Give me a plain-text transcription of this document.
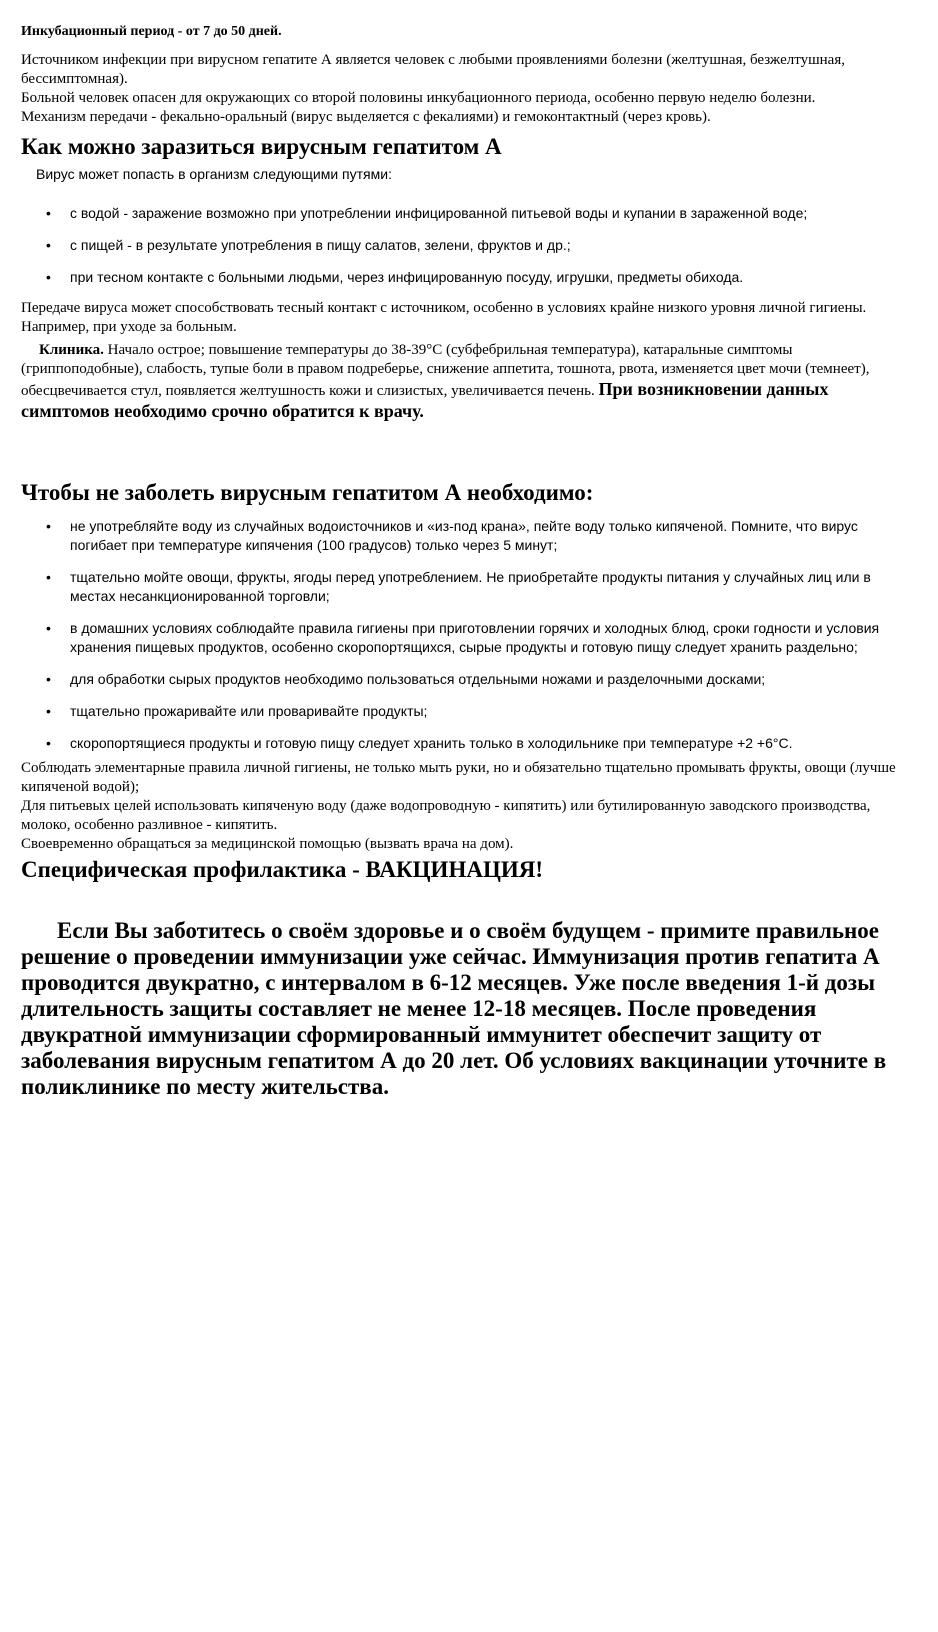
Инкубационный период - от 7 до 50 дней.

Источником инфекции при вирусном гепатите А является человек с любыми проявлениями болезни (желтушная, безжелтушная, бессимптомная).

Больной человек опасен для окружающих со второй половины инкубационного периода, особенно первую неделю болезни.

Механизм передачи - фекально-оральный (вирус выделяется с фекалиями) и гемоконтактный (через кровь).

Как можно заразиться вирусным гепатитом А

Вирус может попасть в организм следующими путями:

• с водой - заражение возможно при употреблении инфицированной питьевой воды и купании в зараженной воде;
• с пищей - в результате употребления в пищу салатов, зелени, фруктов и др.;
• при тесном контакте с больными людьми, через инфицированную посуду, игрушки, предметы обихода.

Передаче вируса может способствовать тесный контакт с источником, особенно в условиях крайне низкого уровня личной гигиены. Например, при уходе за больным.

Клиника. Начало острое; повышение температуры до 38-39°С (субфебрильная температура), катаральные симптомы (гриппоподобные), слабость, тупые боли в правом подреберье, снижение аппетита, тошнота, рвота, изменяется цвет мочи (темнеет), обесцвечивается стул, появляется желтушность кожи и слизистых, увеличивается печень. При возникновении данных симптомов необходимо срочно обратится к врачу.

Чтобы не заболеть вирусным гепатитом А необходимо:
• не употребляйте воду из случайных водоисточников и «из-под крана», пейте воду только кипяченой. Помните, что вирус погибает при температуре кипячения (100 градусов) только через 5 минут;
• тщательно мойте овощи, фрукты, ягоды перед употреблением. Не приобретайте продукты питания у случайных лиц или в местах несанкционированной торговли;
• в домашних условиях соблюдайте правила гигиены при приготовлении горячих и холодных блюд, сроки годности и условия хранения пищевых продуктов, особенно скоропортящихся, сырые продукты и готовую пищу следует хранить раздельно;
• для обработки сырых продуктов необходимо пользоваться отдельными ножами и разделочными досками;
• тщательно прожаривайте или проваривайте продукты;
• скоропортящиеся продукты и готовую пищу следует хранить только в холодильнике при температуре +2 +6°С.

Соблюдать элементарные правила личной гигиены, не только мыть руки, но и обязательно тщательно промывать фрукты, овощи (лучше кипяченой водой);

Для питьевых целей использовать кипяченую воду (даже водопроводную - кипятить) или бутилированную заводского производства, молоко, особенно разливное - кипятить.

Своевременно обращаться за медицинской помощью (вызвать врача на дом).

Специфическая профилактика - ВАКЦИНАЦИЯ!

Если Вы заботитесь о своём здоровье и о своём будущем - примите правильное решение о проведении иммунизации уже сейчас. Иммунизация против гепатита А проводится двукратно, с интервалом в 6-12 месяцев. Уже после введения 1-й дозы длительность защиты составляет не менее 12-18 месяцев. После проведения двукратной иммунизации сформированный иммунитет обеспечит защиту от заболевания вирусным гепатитом А до 20 лет. Об условиях вакцинации уточните в поликлинике по месту жительства.
